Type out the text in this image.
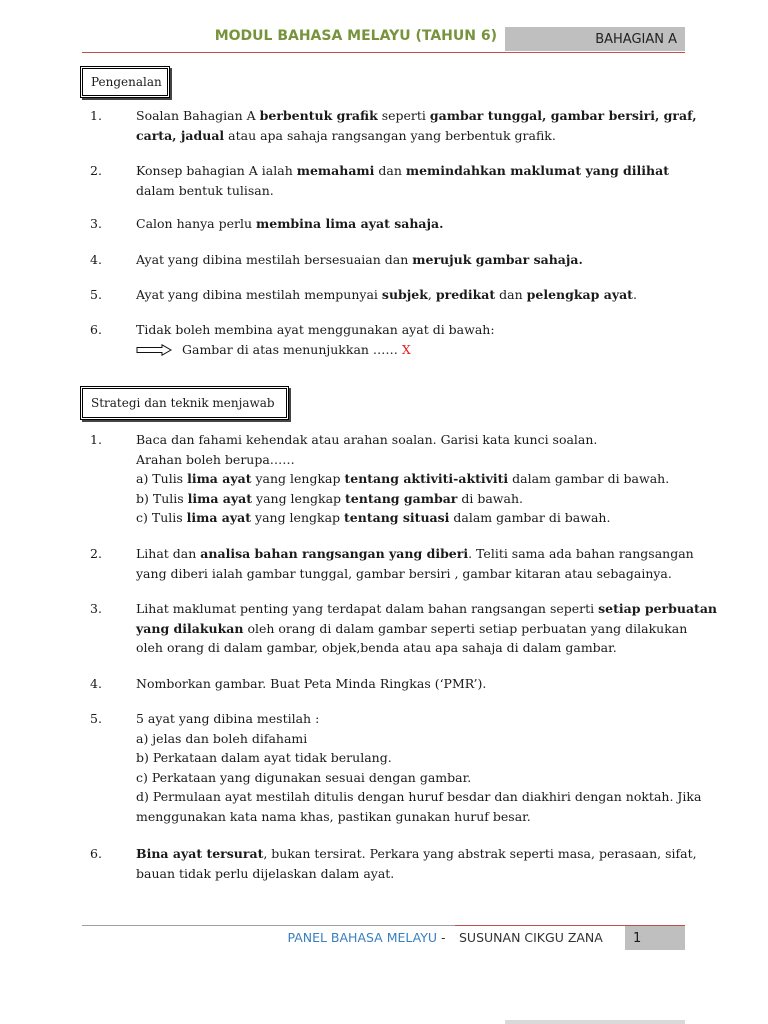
MODUL BAHASA MELAYU (TAHUN 6)	BAHAGIAN A
Pengenalan
1.	Soalan Bahagian A berbentuk grafik seperti gambar tunggal, gambar bersiri, graf,
carta, jadual atau apa sahaja rangsangan yang berbentuk grafik.
2.	Konsep bahagian A ialah memahami dan memindahkan maklumat yang dilihat
dalam bentuk tulisan.
3.	Calon hanya perlu membina lima ayat sahaja.
4.	Ayat yang dibina mestilah bersesuaian dan merujuk gambar sahaja.
5.	Ayat yang dibina mestilah mempunyai subjek, predikat dan pelengkap ayat.
6.	Tidak boleh membina ayat menggunakan ayat di bawah:
Gambar di atas menunjukkan …… X
Strategi dan teknik menjawab
1.	Baca dan fahami kehendak atau arahan soalan. Garisi kata kunci soalan.
Arahan boleh berupa……
a) Tulis lima ayat yang lengkap tentang aktiviti-aktiviti dalam gambar di bawah.
b) Tulis lima ayat yang lengkap tentang gambar di bawah.
c) Tulis lima ayat yang lengkap tentang situasi dalam gambar di bawah.
2.	Lihat dan analisa bahan rangsangan yang diberi. Teliti sama ada bahan rangsangan
yang diberi ialah gambar tunggal, gambar bersiri , gambar kitaran atau sebagainya.
3.	Lihat maklumat penting yang terdapat dalam bahan rangsangan seperti setiap perbuatan
yang dilakukan oleh orang di dalam gambar seperti setiap perbuatan yang dilakukan
oleh orang di dalam gambar, objek,benda atau apa sahaja di dalam gambar.
4.	Nomborkan gambar. Buat Peta Minda Ringkas (‘PMR’).
5.	5 ayat yang dibina mestilah :
a) jelas dan boleh difahami
b) Perkataan dalam ayat tidak berulang.
c) Perkataan yang digunakan sesuai dengan gambar.
d) Permulaan ayat mestilah ditulis dengan huruf besdar dan diakhiri dengan noktah. Jika
menggunakan kata nama khas, pastikan gunakan huruf besar.
6.	Bina ayat tersurat, bukan tersirat. Perkara yang abstrak seperti masa, perasaan, sifat,
bauan tidak perlu dijelaskan dalam ayat.
PANEL BAHASA MELAYU - SUSUNAN CIKGU ZANA	1
